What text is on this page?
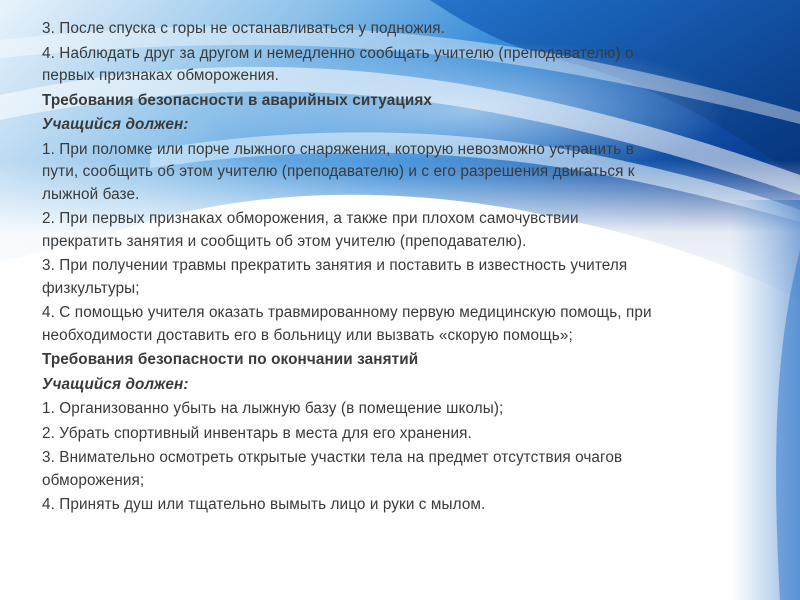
3. После спуска с горы не останавливаться у подножия.
4. Наблюдать друг за другом и немедленно сообщать учителю (преподавателю) о
первых признаках обморожения.
Требования безопасности в аварийных ситуациях
Учащийся должен:
1. При поломке или порче лыжного снаряжения, которую невозможно устранить в
пути, сообщить об этом учителю (преподавателю) и с его разрешения двигаться к
лыжной базе.
2. При первых признаках обморожения, а также при плохом самочувствии
прекратить занятия и сообщить об этом учителю (преподавателю).
3. При получении травмы прекратить занятия и поставить в известность учителя
физкультуры;
4. С помощью учителя оказать травмированному первую медицинскую помощь, при
необходимости доставить его в больницу или вызвать «скорую помощь»;
Требования безопасности по окончании занятий
Учащийся должен:
1. Организованно убыть на лыжную базу (в помещение школы);
2. Убрать спортивный инвентарь в места для его хранения.
3. Внимательно осмотреть открытые участки тела на предмет отсутствия очагов
обморожения;
4. Принять душ или тщательно вымыть лицо и руки с мылом.
